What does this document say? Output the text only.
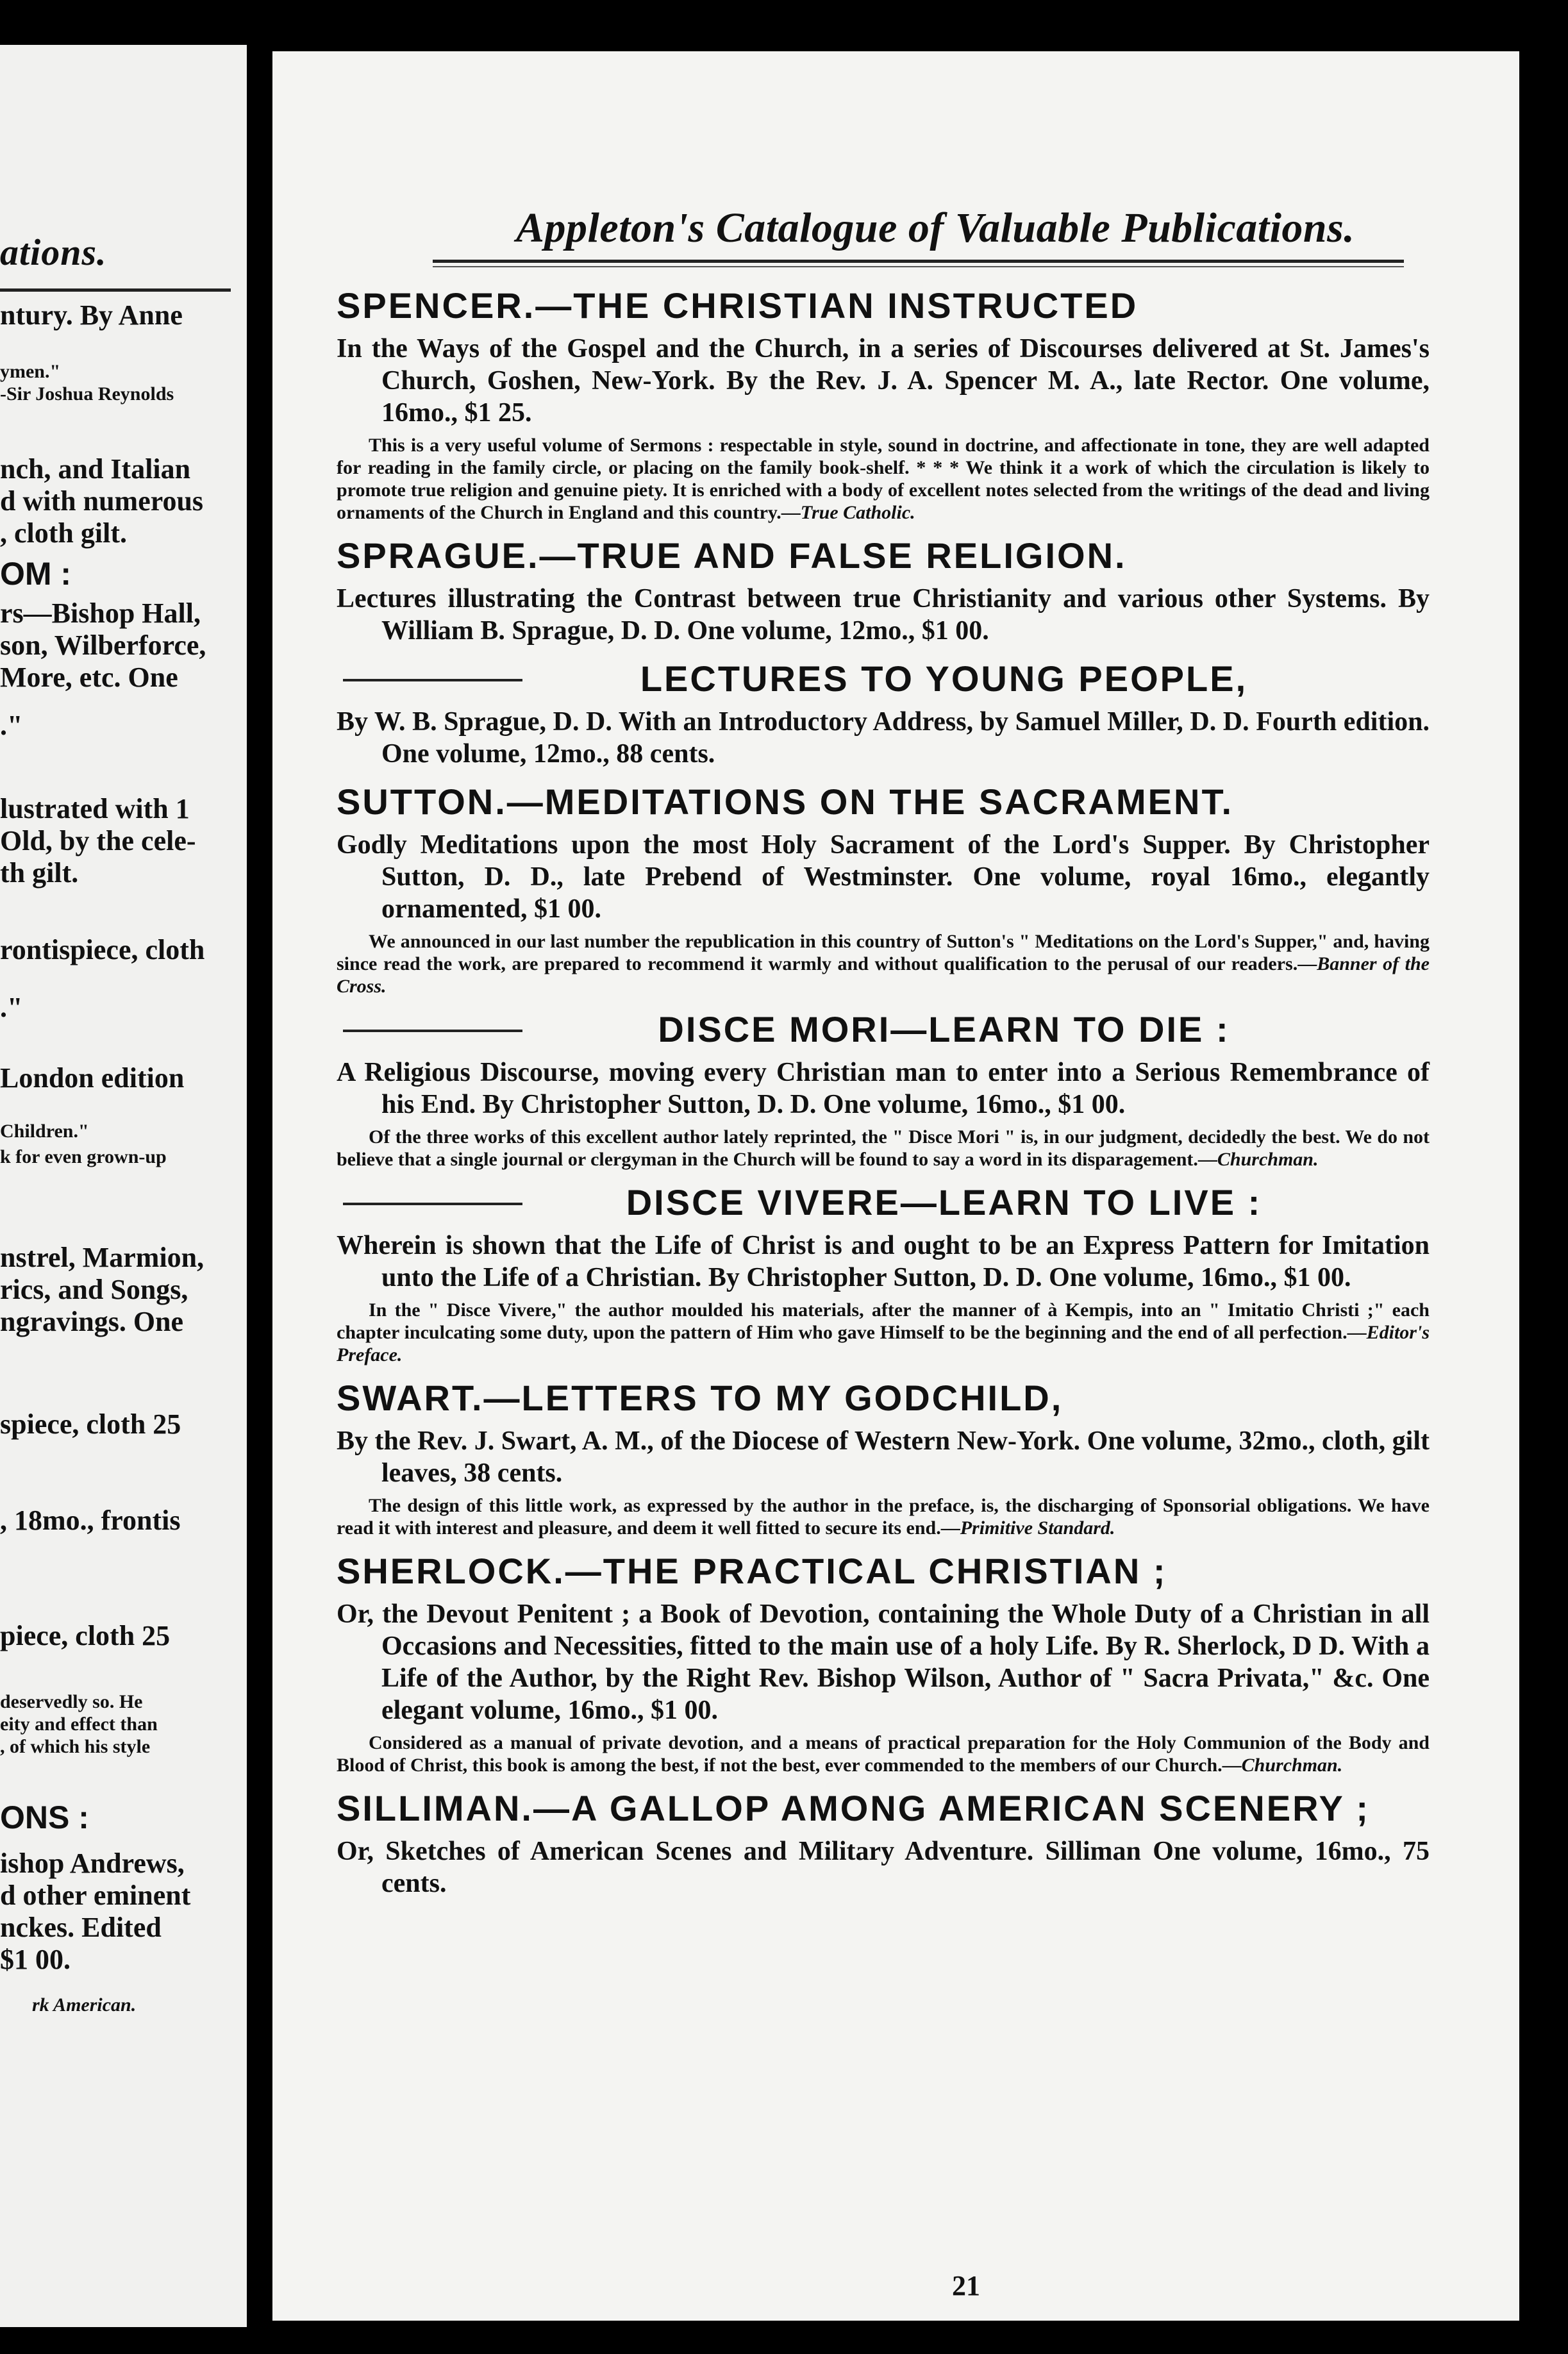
ations.
ntury. By Anne
ymen."
-Sir Joshua Reynolds
nch, and Italian
d with numerous
, cloth gilt.
OM :
rs—Bishop Hall,
son, Wilberforce,
More, etc. One
."
lustrated with 1
Old, by the cele-
th gilt.
rontispiece, cloth
."
London edition
Children."
k for even grown-up
nstrel, Marmion,
rics, and Songs,
ngravings. One
spiece, cloth 25
, 18mo., frontis
piece, cloth 25
deservedly so. He
eity and effect than
, of which his style
ONS :
ishop Andrews,
d other eminent
nckes. Edited
$1 00.
rk American.
Appleton's Catalogue of Valuable Publications.

SPENCER.—THE CHRISTIAN INSTRUCTED

In the Ways of the Gospel and the Church, in a series of Discourses delivered at St. James's Church, Goshen, New-York. By the Rev. J. A. Spencer M. A., late Rector. One volume, 16mo., $1 25.

This is a very useful volume of Sermons : respectable in style, sound in doctrine, and affectionate in tone, they are well adapted for reading in the family circle, or placing on the family book-shelf. * * * We think it a work of which the circulation is likely to promote true religion and genuine piety. It is enriched with a body of excellent notes selected from the writings of the dead and living ornaments of the Church in England and this country.—True Catholic.

SPRAGUE.—TRUE AND FALSE RELIGION.

Lectures illustrating the Contrast between true Christianity and various other Systems. By William B. Sprague, D. D. One volume, 12mo., $1 00.

LECTURES TO YOUNG PEOPLE,

By W. B. Sprague, D. D. With an Introductory Address, by Samuel Miller, D. D. Fourth edition. One volume, 12mo., 88 cents.

SUTTON.—MEDITATIONS ON THE SACRAMENT.

Godly Meditations upon the most Holy Sacrament of the Lord's Supper. By Christopher Sutton, D. D., late Prebend of Westminster. One volume, royal 16mo., elegantly ornamented, $1 00.

We announced in our last number the republication in this country of Sutton's " Meditations on the Lord's Supper," and, having since read the work, are prepared to recommend it warmly and without qualification to the perusal of our readers.—Banner of the Cross.

DISCE MORI—LEARN TO DIE :

A Religious Discourse, moving every Christian man to enter into a Serious Remembrance of his End. By Christopher Sutton, D. D. One volume, 16mo., $1 00.

Of the three works of this excellent author lately reprinted, the " Disce Mori " is, in our judgment, decidedly the best. We do not believe that a single journal or clergyman in the Church will be found to say a word in its disparagement.—Churchman.

DISCE VIVERE—LEARN TO LIVE :

Wherein is shown that the Life of Christ is and ought to be an Express Pattern for Imitation unto the Life of a Christian. By Christopher Sutton, D. D. One volume, 16mo., $1 00.

In the " Disce Vivere," the author moulded his materials, after the manner of à Kempis, into an " Imitatio Christi ;" each chapter inculcating some duty, upon the pattern of Him who gave Himself to be the beginning and the end of all perfection.—Editor's Preface.

SWART.—LETTERS TO MY GODCHILD,

By the Rev. J. Swart, A. M., of the Diocese of Western New-York. One volume, 32mo., cloth, gilt leaves, 38 cents.

The design of this little work, as expressed by the author in the preface, is, the discharging of Sponsorial obligations. We have read it with interest and pleasure, and deem it well fitted to secure its end.—Primitive Standard.

SHERLOCK.—THE PRACTICAL CHRISTIAN ;

Or, the Devout Penitent ; a Book of Devotion, containing the Whole Duty of a Christian in all Occasions and Necessities, fitted to the main use of a holy Life. By R. Sherlock, D D. With a Life of the Author, by the Right Rev. Bishop Wilson, Author of " Sacra Privata," &c. One elegant volume, 16mo., $1 00.

Considered as a manual of private devotion, and a means of practical preparation for the Holy Communion of the Body and Blood of Christ, this book is among the best, if not the best, ever commended to the members of our Church.—Churchman.

SILLIMAN.—A GALLOP AMONG AMERICAN SCENERY ;

Or, Sketches of American Scenes and Military Adventure. Silliman One volume, 16mo., 75 cents.

21
